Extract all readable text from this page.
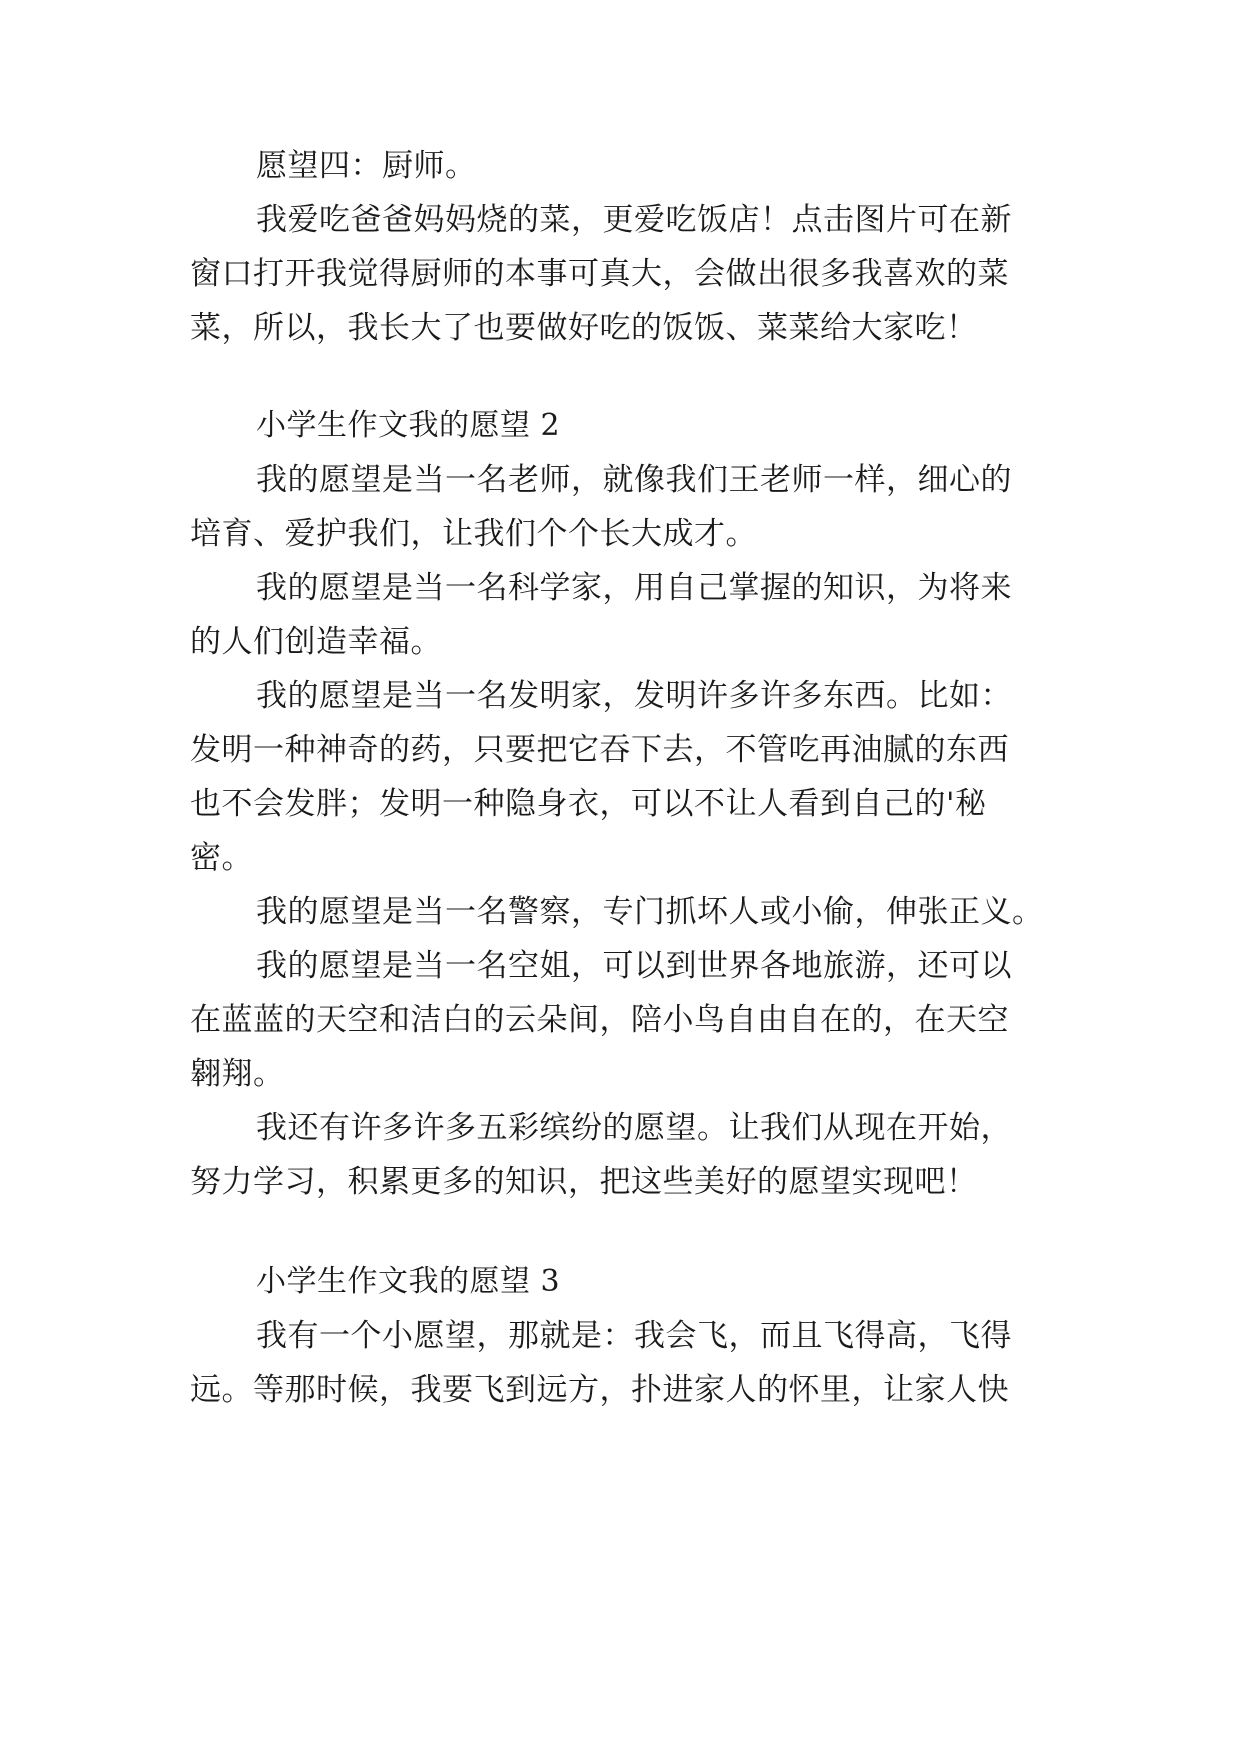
愿望四：厨师。
我爱吃爸爸妈妈烧的菜，更爱吃饭店！点击图片可在新
窗口打开我觉得厨师的本事可真大，会做出很多我喜欢的菜
菜，所以，我长大了也要做好吃的饭饭、菜菜给大家吃！
小学生作文我的愿望 2
我的愿望是当一名老师，就像我们王老师一样，细心的
培育、爱护我们，让我们个个长大成才。
我的愿望是当一名科学家，用自己掌握的知识，为将来
的人们创造幸福。
我的愿望是当一名发明家，发明许多许多东西。比如：
发明一种神奇的药，只要把它吞下去，不管吃再油腻的东西
也不会发胖；发明一种隐身衣，可以不让人看到自己的'秘
密。
我的愿望是当一名警察，专门抓坏人或小偷，伸张正义。
我的愿望是当一名空姐，可以到世界各地旅游，还可以
在蓝蓝的天空和洁白的云朵间，陪小鸟自由自在的，在天空
翱翔。
我还有许多许多五彩缤纷的愿望。让我们从现在开始，
努力学习，积累更多的知识，把这些美好的愿望实现吧！
小学生作文我的愿望 3
我有一个小愿望，那就是：我会飞，而且飞得高，飞得
远。等那时候，我要飞到远方，扑进家人的怀里，让家人快
